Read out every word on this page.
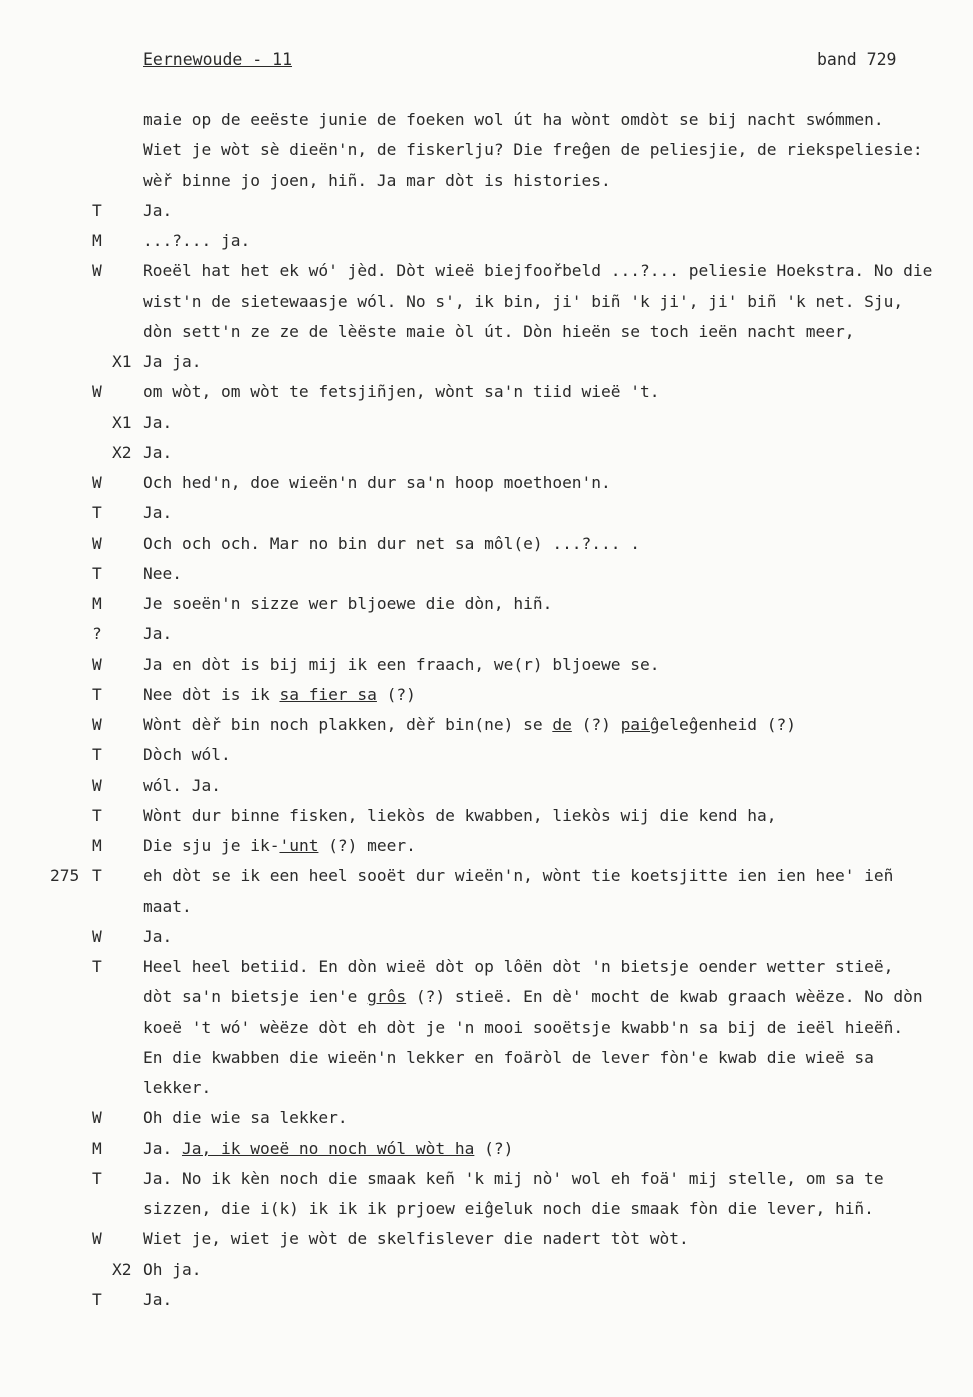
Eernewoude - 11	band 729
maie op de eeëste junie de foeken wol út ha wònt omdòt se bij nacht swómmen.
Wiet je wòt sè dieën'n, de fiskerlju? Die freĝen de peliesjie, de riekspeliesie:
wèř binne jo joen, hiñ. Ja mar dòt is histories.
T	Ja.
M	...?... ja.
W	Roeël hat het ek wó' jèd. Dòt wieë biejfoořbeld ...?... peliesie Hoekstra. No die
wist'n de sietewaasje wól. No s', ik bin, ji' biñ 'k ji', ji' biñ 'k net. Sju,
dòn sett'n ze ze de lèëste maie òl út. Dòn hieën se toch ieën nacht meer,
X1 Ja ja.
W	om wòt, om wòt te fetsjiñjen, wònt sa'n tiid wieë 't.
X1 Ja.
X2 Ja.
W	Och hed'n, doe wieën'n dur sa'n hoop moethoen'n.
T	Ja.
W	Och och och. Mar no bin dur net sa môl(e) ...?... .
T	Nee.
M	Je soeën'n sizze wer bljoewe die dòn, hiñ.
?	Ja.
W	Ja en dòt is bij mij ik een fraach, we(r) bljoewe se.
T	Nee dòt is ik sa fier sa (?)
W	Wònt dèř bin noch plakken, dèř bin(ne) se de (?) paiĝeleĝenheid (?)
T	Dòch wól.
W	wól. Ja.
T	Wònt dur binne fisken, liekòs de kwabben, liekòs wij die kend ha,
M	Die sju je ik-'unt (?) meer.
275 T	eh dòt se ik een heel sooët dur wieën'n, wònt tie koetsjitte ien ien hee' ieñ
maat.
W	Ja.
T	Heel heel betiid. En dòn wieë dòt op lôën dòt 'n bietsje oender wetter stieë,
dòt sa'n bietsje ien'e grôs (?) stieë. En dè' mocht de kwab graach wèëze. No dòn
koeë 't wó' wèëze dòt eh dòt je 'n mooi sooëtsje kwabb'n sa bij de ieël hieëñ.
En die kwabben die wieën'n lekker en foäròl de lever fòn'e kwab die wieë sa
lekker.
W	Oh die wie sa lekker.
M	Ja. Ja, ik woeë no noch wól wòt ha (?)
T	Ja. No ik kèn noch die smaak keñ 'k mij nò' wol eh foä' mij stelle, om sa te
sizzen, die i(k) ik ik ik prjoew eiĝeluk noch die smaak fòn die lever, hiñ.
W	Wiet je, wiet je wòt de skelfislever die nadert tòt wòt.
X2 Oh ja.
T	Ja.
